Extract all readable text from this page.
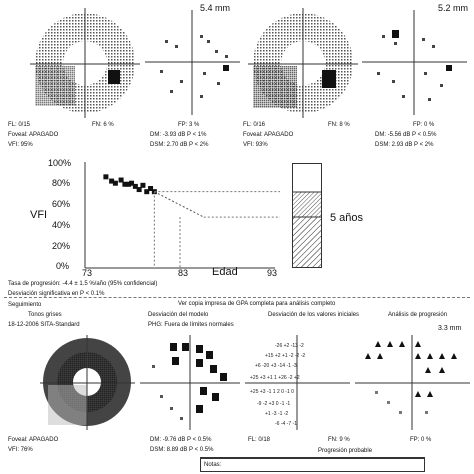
5.4 mm
FL: 0/15	FN: 6 %	FP: 3 %
Foveal: APAGADO	DM: -3.93 dB P < 1%
VFI: 95%	DSM: 2.70 dB P < 2%
5.2 mm
FL: 0/16	FN: 8 %	FP: 0 %
Foveal: APAGADO	DM: -5.56 dB P < 0.5%
VFI: 93%	DSM: 2.93 dB P < 2%
100%
80%
60%
40%
20%
0%
VFI
73	83	93
Edad
5 años
Tasa de progresión: -4.4 ± 1.5 %/año (95% confidencial)
Desviación significativa en P < 0.1%
Seguimiento	Ver copia impresa de GPA completa para análisis completo
Tonos grises
18-12-2006 SITA-Standard
Desviación del modelo
PHG: Fuera de límites normales
Desviación de los valores iniciales	Análisis de progresión
3.3 mm
-26 +2 -13 -2
+15 +2 +1 -2 -2 -2
+6 -20 +3 -14 -1 -3
+25 +3 +1 1 +26 -2 +2
+25 +3 -1 1 2 0 -1 0
-9 -2 +3 0 -1 -1
+1 -3 -1 -2
-6 -4 -7 -1
Foveal: APAGADO	DM: -9.76 dB P < 0.5%	FL: 0/18	FN: 9 %	FP: 0 %
VFI: 76%	DSM: 8.89 dB P < 0.5%	Progresión probable
Notas:
